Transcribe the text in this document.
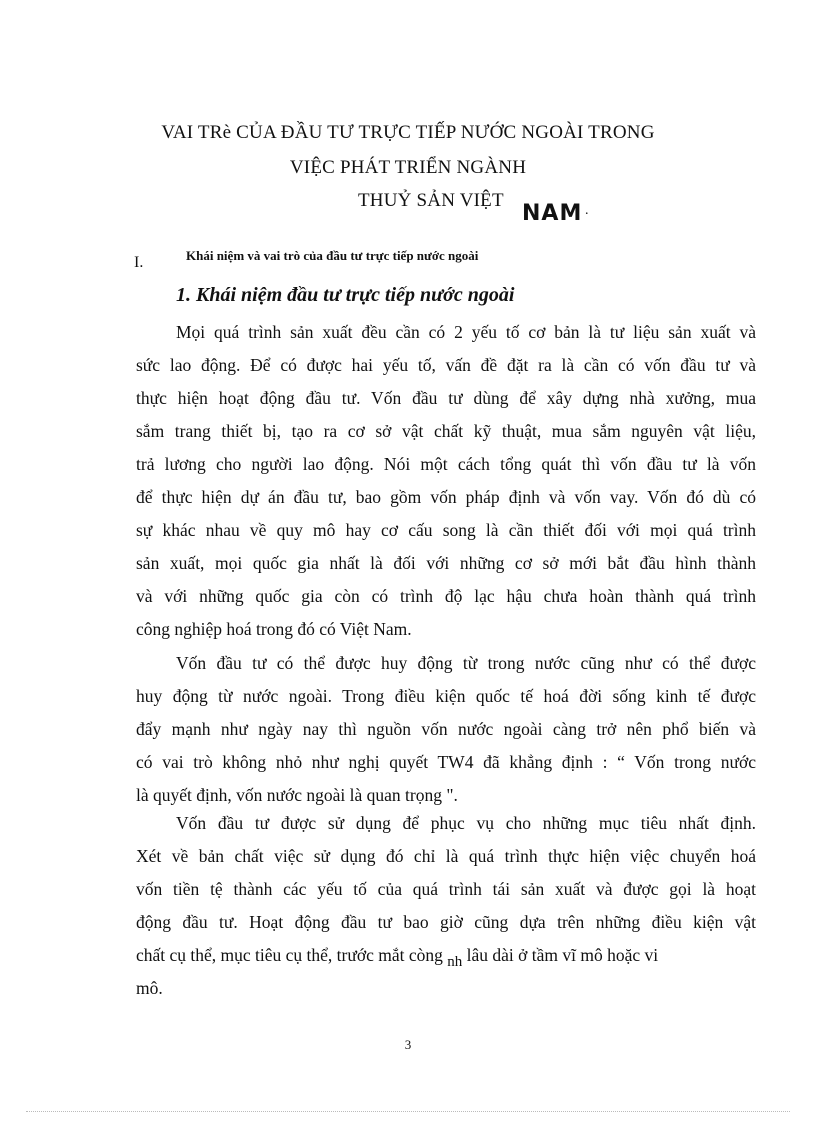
VAI TRè CỦA ĐẦU TƯ TRỰC TIẾP NƯỚC NGOÀI TRONG
VIỆC PHÁT TRIỂN NGÀNH
THUỶ SẢN VIỆT
NAM .
I.	Khái niệm và vai trò của đầu tư trực tiếp nước ngoài
1. Khái niệm đầu tư trực tiếp nước ngoài
Mọi quá trình sản xuất đều cần có 2 yếu tố cơ bản là tư liệu sản xuất và
sức lao động. Để có được hai yếu tố, vấn đề đặt ra là cần có vốn đầu tư và
thực hiện hoạt động đầu tư. Vốn đầu tư dùng để xây dựng nhà xưởng, mua
sắm trang thiết bị, tạo ra cơ sở vật chất kỹ thuật, mua sắm nguyên vật liệu,
trả lương cho người lao động. Nói một cách tổng quát thì vốn đầu tư là vốn
để thực hiện dự án đầu tư, bao gồm vốn pháp định và vốn vay. Vốn đó dù có
sự khác nhau về quy mô hay cơ cấu song là cần thiết đối với mọi quá trình
sản xuất, mọi quốc gia nhất là đối với những cơ sở mới bắt đầu hình thành
và với những quốc gia còn có trình độ lạc hậu chưa hoàn thành quá trình
công nghiệp hoá trong đó có Việt Nam.
Vốn đầu tư có thể được huy động từ trong nước cũng như có thể được
huy động từ nước ngoài. Trong điều kiện quốc tế hoá đời sống kinh tế được
đẩy mạnh như ngày nay thì nguồn vốn nước ngoài càng trở nên phổ biến và
có vai trò không nhỏ như nghị quyết TW4 đã khẳng định : “ Vốn trong nước
là quyết định, vốn nước ngoài là quan trọng ".
Vốn đầu tư được sử dụng để phục vụ cho những mục tiêu nhất định.
Xét về bản chất việc sử dụng đó chỉ là quá trình thực hiện việc chuyển hoá
vốn tiền tệ thành các yếu tố của quá trình tái sản xuất và được gọi là hoạt
động đầu tư. Hoạt động đầu tư bao giờ cũng dựa trên những điều kiện vật
chất cụ thể, mục tiêu cụ thể, trước mắt còng nh lâu dài ở tầm vĩ mô hoặc vi
mô.
3
